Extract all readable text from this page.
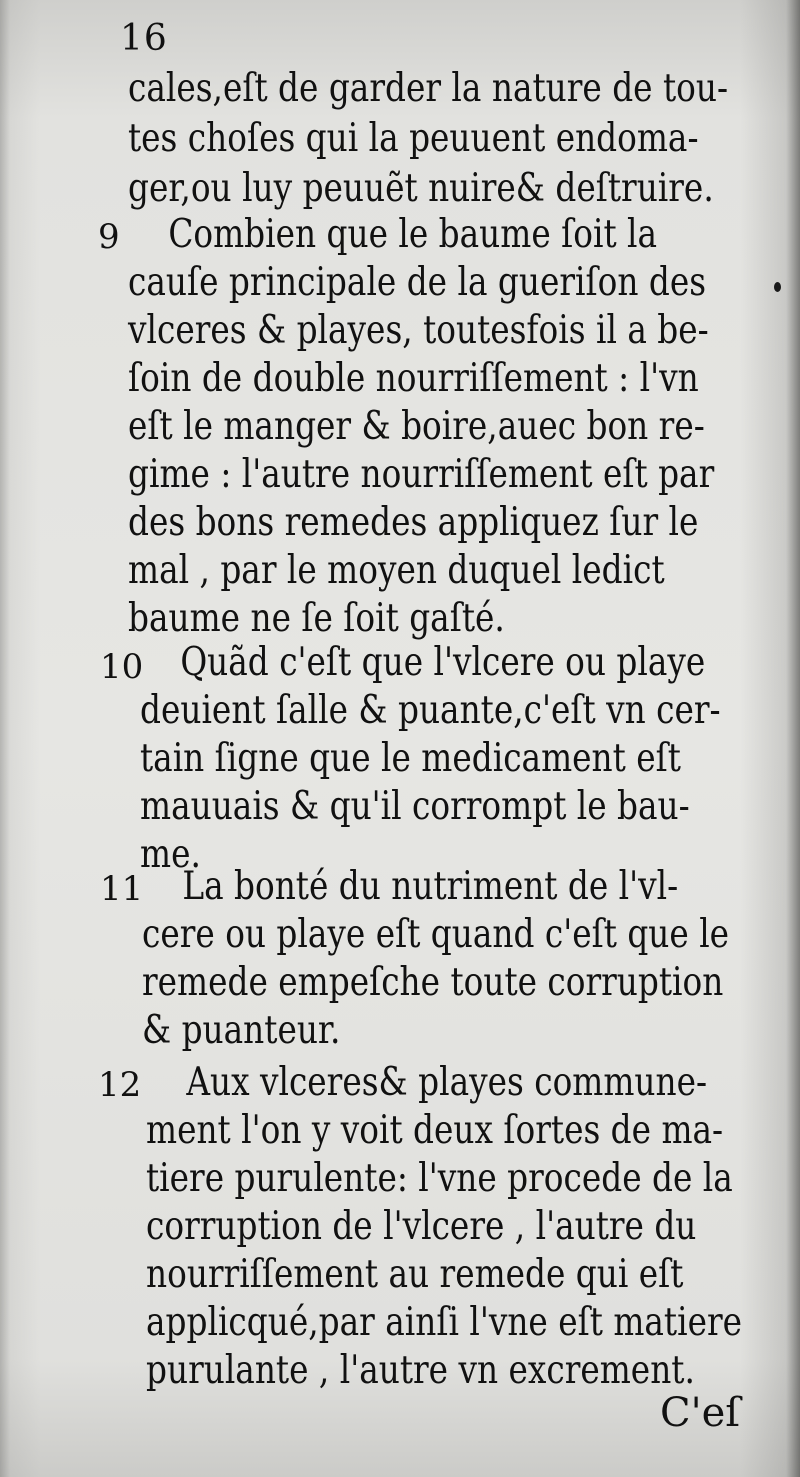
16
cales,eſt de garder la nature de tou-
tes choſes qui la peuuent endoma-
ger,ou luy peuuẽt nuire& deſtruire.
9	Combien que le baume ſoit la
cauſe principale de la gueriſon des
vlceres & playes, toutesfois il a be-
ſoin de double nourriſſement : l'vn
eſt le manger & boire,auec bon re-
gime : l'autre nourriſſement eſt par
des bons remedes appliquez ſur le
mal , par le moyen duquel ledict
baume ne ſe ſoit gaſté.
10 Quãd c'eſt que l'vlcere ou playe
deuient ſalle & puante,c'eſt vn cer-
tain ſigne que le medicament eſt
mauuais & qu'il corrompt le bau-
me.
11	La bonté du nutriment de l'vl-
cere ou playe eſt quand c'eſt que le
remede empeſche toute corruption
& puanteur.
12	Aux vlceres& playes commune-
ment l'on y voit deux ſortes de ma-
tiere purulente: l'vne procede de la
corruption de l'vlcere , l'autre du
nourriſſement au remede qui eſt
applicqué,par ainſi l'vne eſt matiere
purulante , l'autre vn excrement.
C'eſ
